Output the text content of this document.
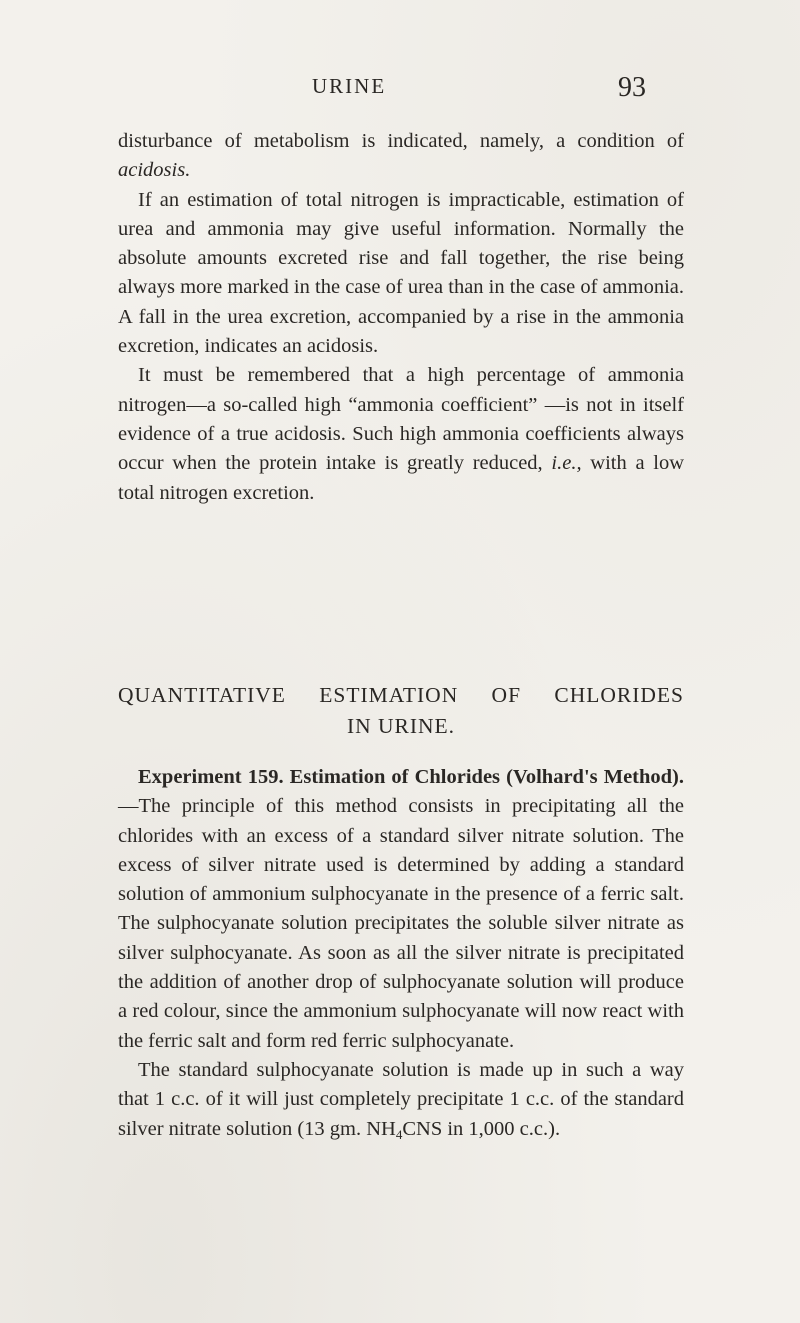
URINE	93

disturbance of metabolism is indicated, namely, a condition of acidosis.

If an estimation of total nitrogen is impracticable, estimation of urea and ammonia may give useful information. Normally the absolute amounts excreted rise and fall together, the rise being always more marked in the case of urea than in the case of ammonia. A fall in the urea excretion, accompanied by a rise in the ammonia excretion, indicates an acidosis.

It must be remembered that a high percentage of ammonia nitrogen—a so-called high “ammonia coefficient” —is not in itself evidence of a true acidosis. Such high ammonia coefficients always occur when the protein intake is greatly reduced, i.e., with a low total nitrogen excretion.

QUANTITATIVE ESTIMATION OF CHLORIDES
IN URINE.

Experiment 159. Estimation of Chlorides (Volhard's Method).—The principle of this method consists in precipitating all the chlorides with an excess of a standard silver nitrate solution. The excess of silver nitrate used is determined by adding a standard solution of ammonium sulphocyanate in the presence of a ferric salt. The sulphocyanate solution precipitates the soluble silver nitrate as silver sulphocyanate. As soon as all the silver nitrate is precipitated the addition of another drop of sulphocyanate solution will produce a red colour, since the ammonium sulphocyanate will now react with the ferric salt and form red ferric sulphocyanate.

The standard sulphocyanate solution is made up in such a way that 1 c.c. of it will just completely precipitate 1 c.c. of the standard silver nitrate solution (13 gm. $NH_4CNS$ in 1,000 c.c.).
